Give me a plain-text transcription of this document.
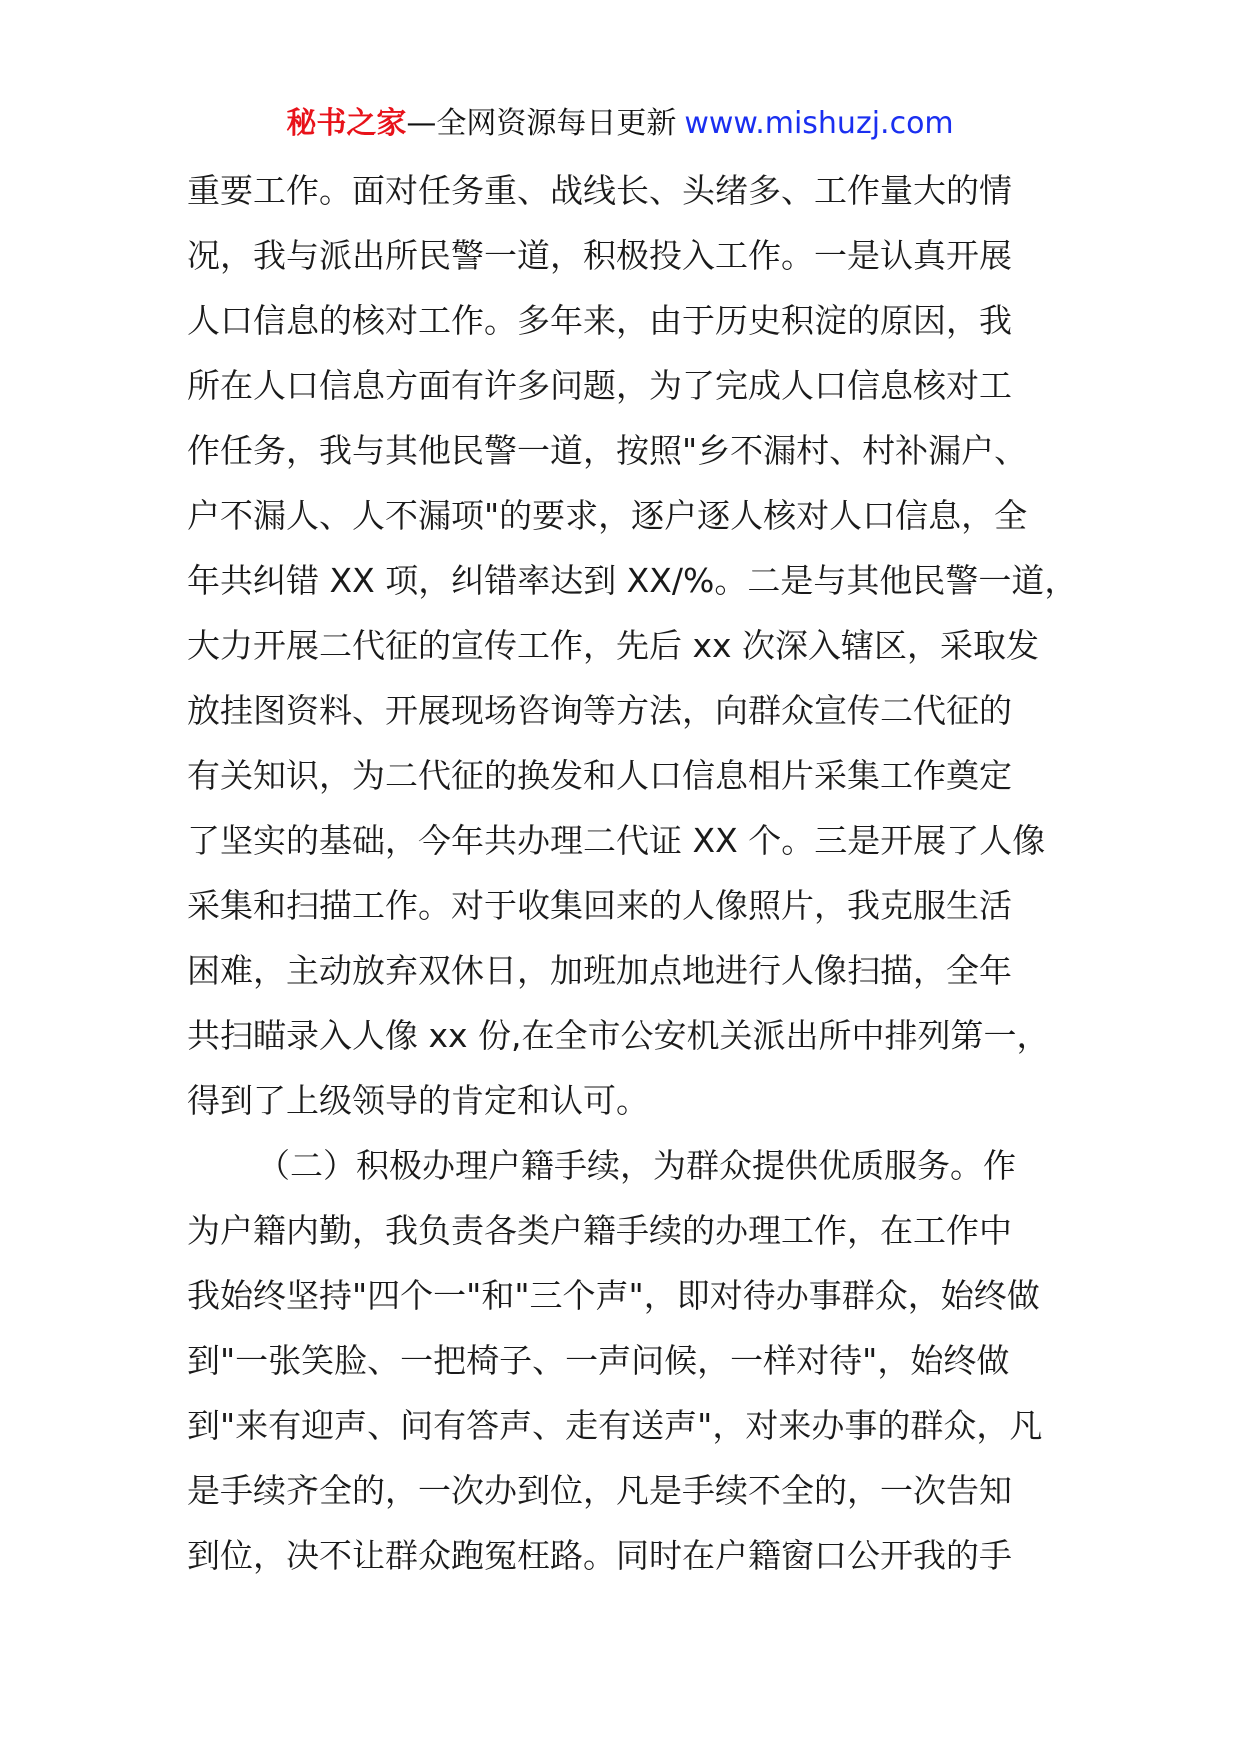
秘书之家—全网资源每日更新 www.mishuzj.com
重要工作。面对任务重、战线长、头绪多、工作量大的情
况，我与派出所民警一道，积极投入工作。一是认真开展
人口信息的核对工作。多年来，由于历史积淀的原因，我
所在人口信息方面有许多问题，为了完成人口信息核对工
作任务，我与其他民警一道，按照"乡不漏村、村补漏户、
户不漏人、人不漏项"的要求，逐户逐人核对人口信息，全
年共纠错 XX 项，纠错率达到 XX/%。二是与其他民警一道，
大力开展二代征的宣传工作，先后 xx 次深入辖区，采取发
放挂图资料、开展现场咨询等方法，向群众宣传二代征的
有关知识，为二代征的换发和人口信息相片采集工作奠定
了坚实的基础，今年共办理二代证 XX 个。三是开展了人像
采集和扫描工作。对于收集回来的人像照片，我克服生活
困难，主动放弃双休日，加班加点地进行人像扫描，全年
共扫瞄录入人像 xx 份,在全市公安机关派出所中排列第一，
得到了上级领导的肯定和认可。
（二）积极办理户籍手续，为群众提供优质服务。作
为户籍内勤，我负责各类户籍手续的办理工作，在工作中
我始终坚持"四个一"和"三个声"，即对待办事群众，始终做
到"一张笑脸、一把椅子、一声问候，一样对待"，始终做
到"来有迎声、问有答声、走有送声"，对来办事的群众，凡
是手续齐全的，一次办到位，凡是手续不全的，一次告知
到位，决不让群众跑冤枉路。同时在户籍窗口公开我的手
